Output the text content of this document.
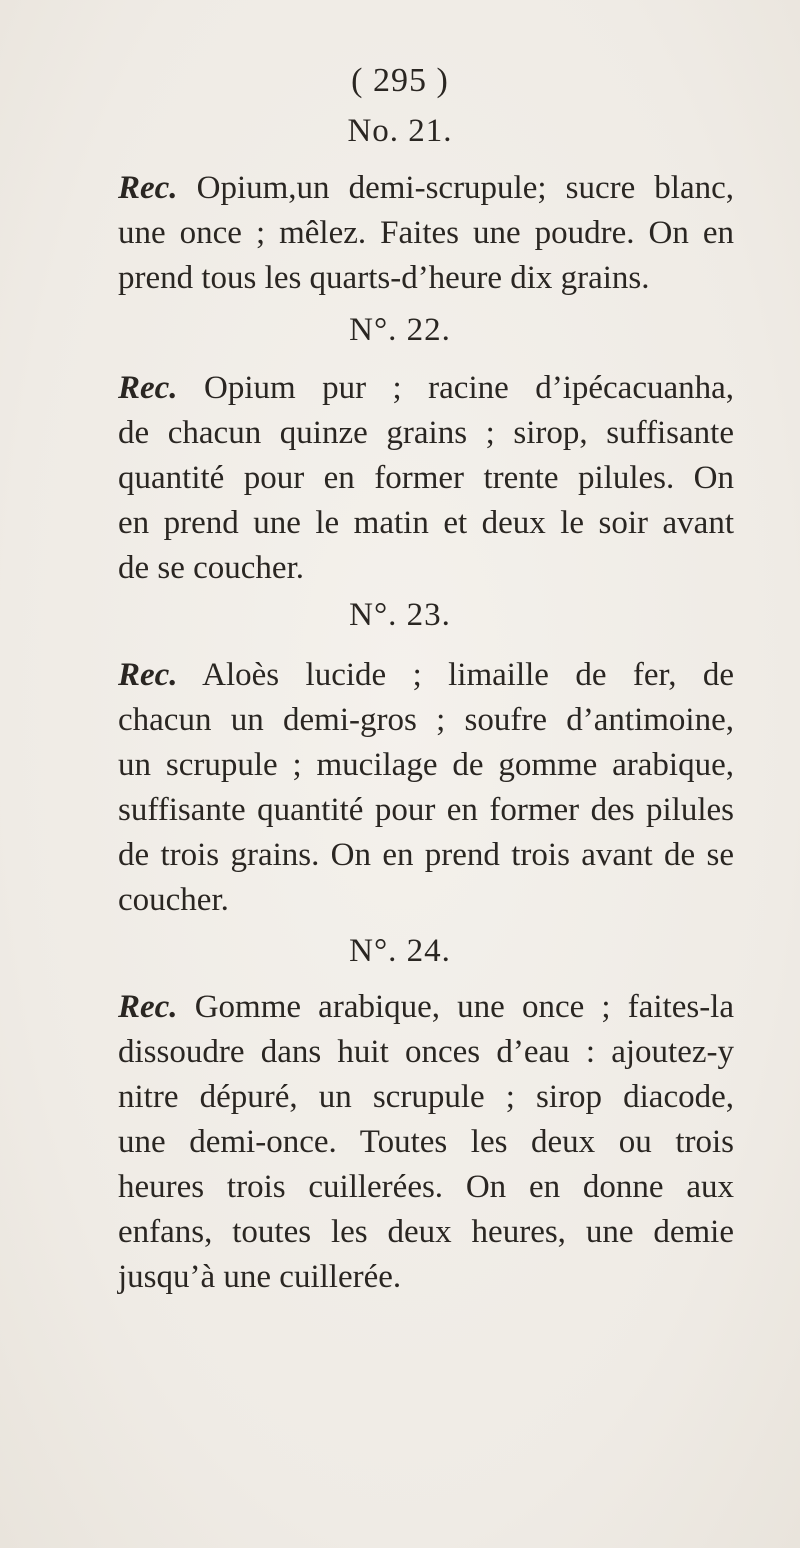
( 295 )
No. 21.
Rec. Opium,un demi-scrupule; sucre blanc,
une once ; mêlez. Faites une poudre. On en
prend tous les quarts-d’heure dix grains.
N°. 22.
Rec. Opium pur ; racine d’ipécacuanha,
de chacun quinze grains ; sirop, suffisante
quantité pour en former trente pilules. On
en prend une le matin et deux le soir avant
de se coucher.
N°. 23.
Rec. Aloès lucide ; limaille de fer, de
chacun un demi-gros ; soufre d’antimoine,
un scrupule ; mucilage de gomme arabique,
suffisante quantité pour en former des pilules
de trois grains. On en prend trois avant de se
coucher.
N°. 24.
Rec. Gomme arabique, une once ; faites-la
dissoudre dans huit onces d’eau : ajoutez-y
nitre dépuré, un scrupule ; sirop diacode,
une demi-once. Toutes les deux ou trois
heures trois cuillerées. On en donne aux
enfans, toutes les deux heures, une demie
jusqu’à une cuillerée.
